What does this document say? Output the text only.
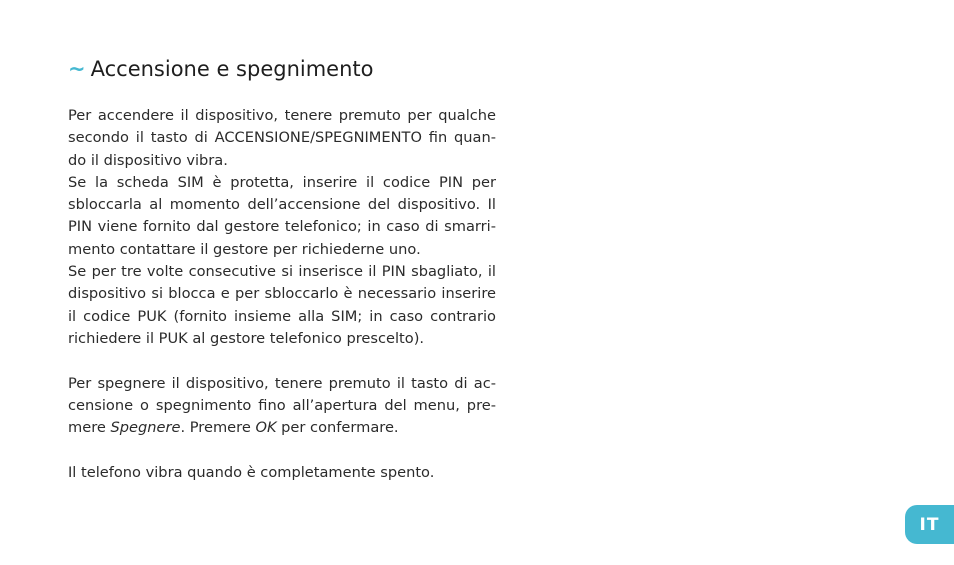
~ Accensione e spegnimento

Per accendere il dispositivo, tenere premuto per qualche secondo il tasto di ACCENSIONE/SPEGNIMENTO fin quan-do il dispositivo vibra.

Se la scheda SIM è protetta, inserire il codice PIN per sbloccarla al momento dell’accensione del dispositivo. Il PIN viene fornito dal gestore telefonico; in caso di smarri-mento contattare il gestore per richiederne uno.

Se per tre volte consecutive si inserisce il PIN sbagliato, il dispositivo si blocca e per sbloccarlo è necessario inserire il codice PUK (fornito insieme alla SIM; in caso contrario richiedere il PUK al gestore telefonico prescelto).

Per spegnere il dispositivo, tenere premuto il tasto di ac-censione o spegnimento fino all’apertura del menu, pre-mere Spegnere. Premere OK per confermare.

Il telefono vibra quando è completamente spento.

IT
